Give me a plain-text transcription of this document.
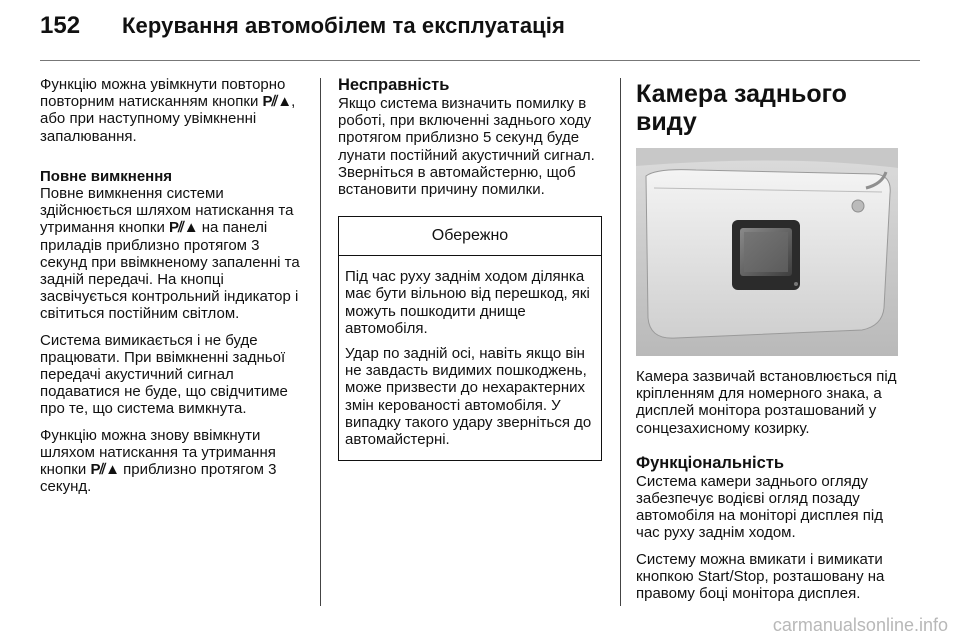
152	Керування автомобілем та експлуатація

Функцію можна увімкнути повторно повторним натисканням кнопки P⫽▲, або при наступному увімкненні запалювання.

Повне вимкнення

Повне вимкнення системи здійснюється шляхом натискання та утримання кнопки P⫽▲ на панелі приладів приблизно протягом 3 секунд при ввімкненому запаленні та задній передачі. На кнопці засвічується контрольний індикатор і світиться постійним світлом.

Система вимикається і не буде працювати. При ввімкненні задньої передачі акустичний сигнал подаватися не буде, що свідчитиме про те, що система вимкнута.

Функцію можна знову ввімкнути шляхом натискання та утримання кнопки P⫽▲ приблизно протягом 3 секунд.

Несправність

Якщо система визначить помилку в роботі, при включенні заднього ходу протягом приблизно 5 секунд буде лунати постійний акустичний сигнал. Зверніться в автомайстерню, щоб встановити причину помилки.

Обережно

Під час руху заднім ходом ділянка має бути вільною від перешкод, які можуть пошкодити днище автомобіля.

Удар по задній осі, навіть якщо він не завдасть видимих пошкоджень, може призвести до нехарактерних змін керованості автомобіля. У випадку такого удару зверніться до автомайстерні.

Камера заднього виду

Камера зазвичай встановлюється під кріпленням для номерного знака, а дисплей монітора розташований у сонцезахисному козирку.

Функціональність

Система камери заднього огляду забезпечує водієві огляд позаду автомобіля на моніторі дисплея під час руху заднім ходом.

Систему можна вмикати і вимикати кнопкою Start/Stop, розташовану на правому боці монітора дисплея.

carmanualsonline.info
